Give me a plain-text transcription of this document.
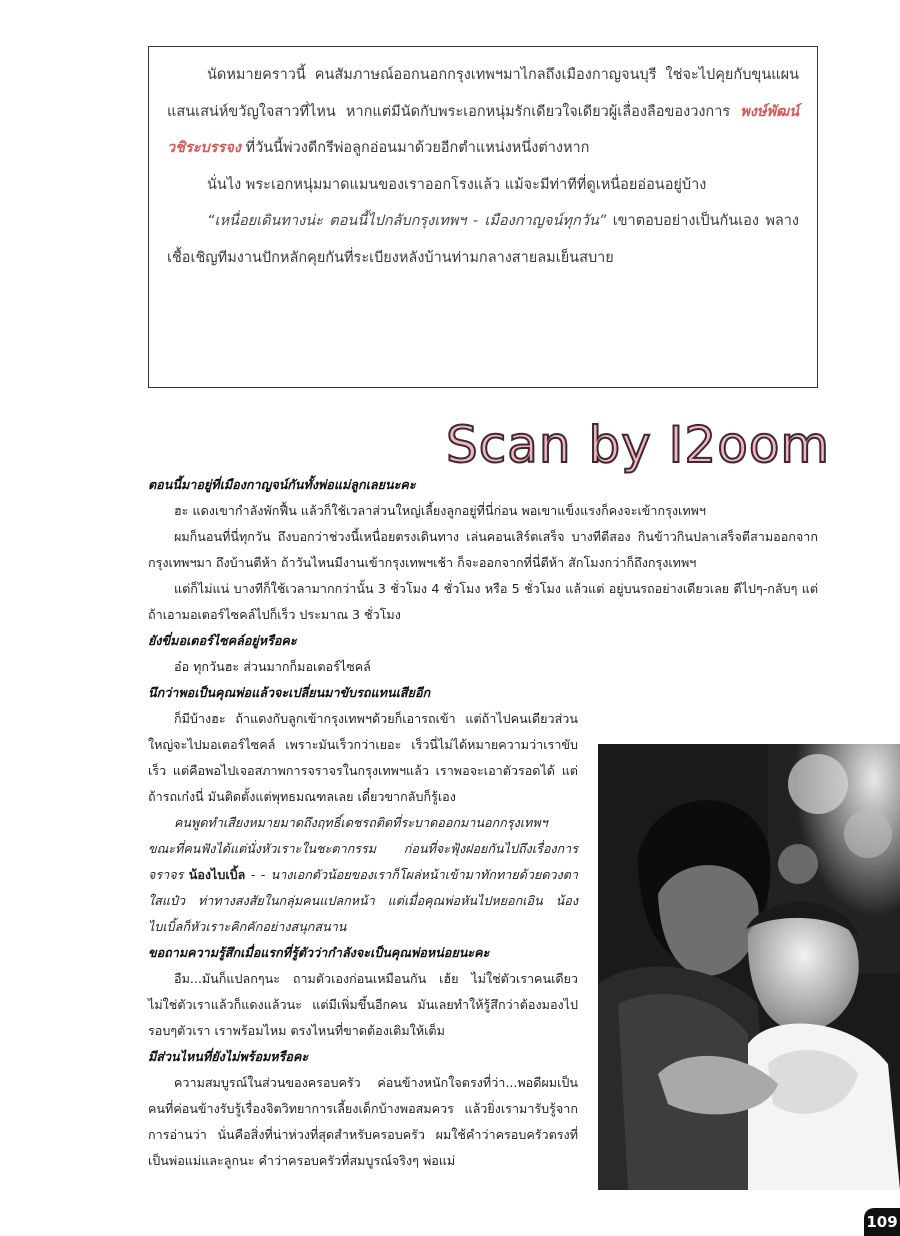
นัดหมายคราวนี้ คนสัมภาษณ์ออกนอกกรุงเทพฯมาไกลถึงเมืองกาญจนบุรี ใช่จะไปคุยกับขุนแผนแสนเสน่ห์ขวัญใจสาวที่ไหน หากแต่มีนัดกับพระเอกหนุ่มรักเดียวใจเดียวผู้เลื่องลือของวงการ พงษ์พัฒน์ วชิระบรรจง ที่วันนี้พ่วงดีกรีพ่อลูกอ่อนมาด้วยอีกตำแหน่งหนึ่งต่างหาก

นั่นไง พระเอกหนุ่มมาดแมนของเราออกโรงแล้ว แม้จะมีท่าทีที่ดูเหนื่อยอ่อนอยู่บ้าง

“เหนื่อยเดินทางน่ะ ตอนนี้ไปกลับกรุงเทพฯ - เมืองกาญจน์ทุกวัน” เขาตอบอย่างเป็นกันเอง พลางเชื้อเชิญทีมงานปักหลักคุยกันที่ระเบียงหลังบ้านท่ามกลางสายลมเย็นสบาย

Scan by I2oom

ตอนนี้มาอยู่ที่เมืองกาญจน์กันทั้งพ่อแม่ลูกเลยนะคะ

ฮะ แดงเขากำลังพักฟื้น แล้วก็ใช้เวลาส่วนใหญ่เลี้ยงลูกอยู่ที่นี่ก่อน พอเขาแข็งแรงก็คงจะเข้ากรุงเทพฯ

ผมก็นอนที่นี่ทุกวัน ถึงบอกว่าช่วงนี้เหนื่อยตรงเดินทาง เล่นคอนเสิร์ตเสร็จ บางทีตีสอง กินข้าวกินปลาเสร็จตีสามออกจากกรุงเทพฯมา ถึงบ้านตีห้า ถ้าวันไหนมีงานเข้ากรุงเทพฯเช้า ก็จะออกจากที่นี่ตีห้า สักโมงกว่าก็ถึงกรุงเทพฯ

แต่ก็ไม่แน่ บางทีก็ใช้เวลามากกว่านั้น 3 ชั่วโมง 4 ชั่วโมง หรือ 5 ชั่วโมง แล้วแต่ อยู่บนรถอย่างเดียวเลย ตีไปๆ-กลับๆ แต่ถ้าเอามอเตอร์ไซคล์ไปก็เร็ว ประมาณ 3 ชั่วโมง

ยังขี่มอเตอร์ไซคล์อยู่หรือคะ

อ๋อ ทุกวันฮะ ส่วนมากก็มอเตอร์ไซคล์

นึกว่าพอเป็นคุณพ่อแล้วจะเปลี่ยนมาขับรถแทนเสียอีก

ก็มีบ้างฮะ ถ้าแดงกับลูกเข้ากรุงเทพฯด้วยก็เอารถเข้า แต่ถ้าไปคนเดียวส่วนใหญ่จะไปมอเตอร์ไซคล์ เพราะมันเร็วกว่าเยอะ เร็วนี่ไม่ได้หมายความว่าเราขับเร็ว แต่คือพอไปเจอสภาพการจราจรในกรุงเทพฯแล้ว เราพอจะเอาตัวรอดได้ แต่ถ้ารถเก๋งนี่ มันติดตั้งแต่พุทธมณฑลเลย เดี๋ยวขากลับก็รู้เอง

คนพูดทำเสียงหมายมาดถึงฤทธิ์เดชรถติดที่ระบาดออกมานอกกรุงเทพฯ ขณะที่คนฟังได้แต่นั่งหัวเราะในชะตากรรม ก่อนที่จะฟุ้งฝอยกันไปถึงเรื่องการจราจร น้องไบเบิ้ล - - นางเอกตัวน้อยของเราก็โผล่หน้าเข้ามาทักทายด้วยดวงตาใสแป๋ว ท่าทางสงสัยในกลุ่มคนแปลกหน้า แต่เมื่อคุณพ่อหันไปหยอกเอิน น้องไบเบิ้ลก็หัวเราะคิกคักอย่างสนุกสนาน

ขอถามความรู้สึกเมื่อแรกที่รู้ตัวว่ากำลังจะเป็นคุณพ่อหน่อยนะคะ

อืม...มันก็แปลกๆนะ ถามตัวเองก่อนเหมือนกัน เฮ้ย ไม่ใช่ตัวเราคนเดียว ไม่ใช่ตัวเราแล้วก็แดงแล้วนะ แต่มีเพิ่มขึ้นอีกคน มันเลยทำให้รู้สึกว่าต้องมองไปรอบๆตัวเรา เราพร้อมไหม ตรงไหนที่ขาดต้องเติมให้เต็ม

มีส่วนไหนที่ยังไม่พร้อมหรือคะ

ความสมบูรณ์ในส่วนของครอบครัว ค่อนข้างหนักใจตรงที่ว่า...พอดีผมเป็นคนที่ค่อนข้างรับรู้เรื่องจิตวิทยาการเลี้ยงเด็กบ้างพอสมควร แล้วยิ่งเรามารับรู้จากการอ่านว่า นั่นคือสิ่งที่น่าห่วงที่สุดสำหรับครอบครัว ผมใช้คำว่าครอบครัวตรงที่เป็นพ่อแม่และลูกนะ คำว่าครอบครัวที่สมบูรณ์จริงๆ พ่อแม่

109
